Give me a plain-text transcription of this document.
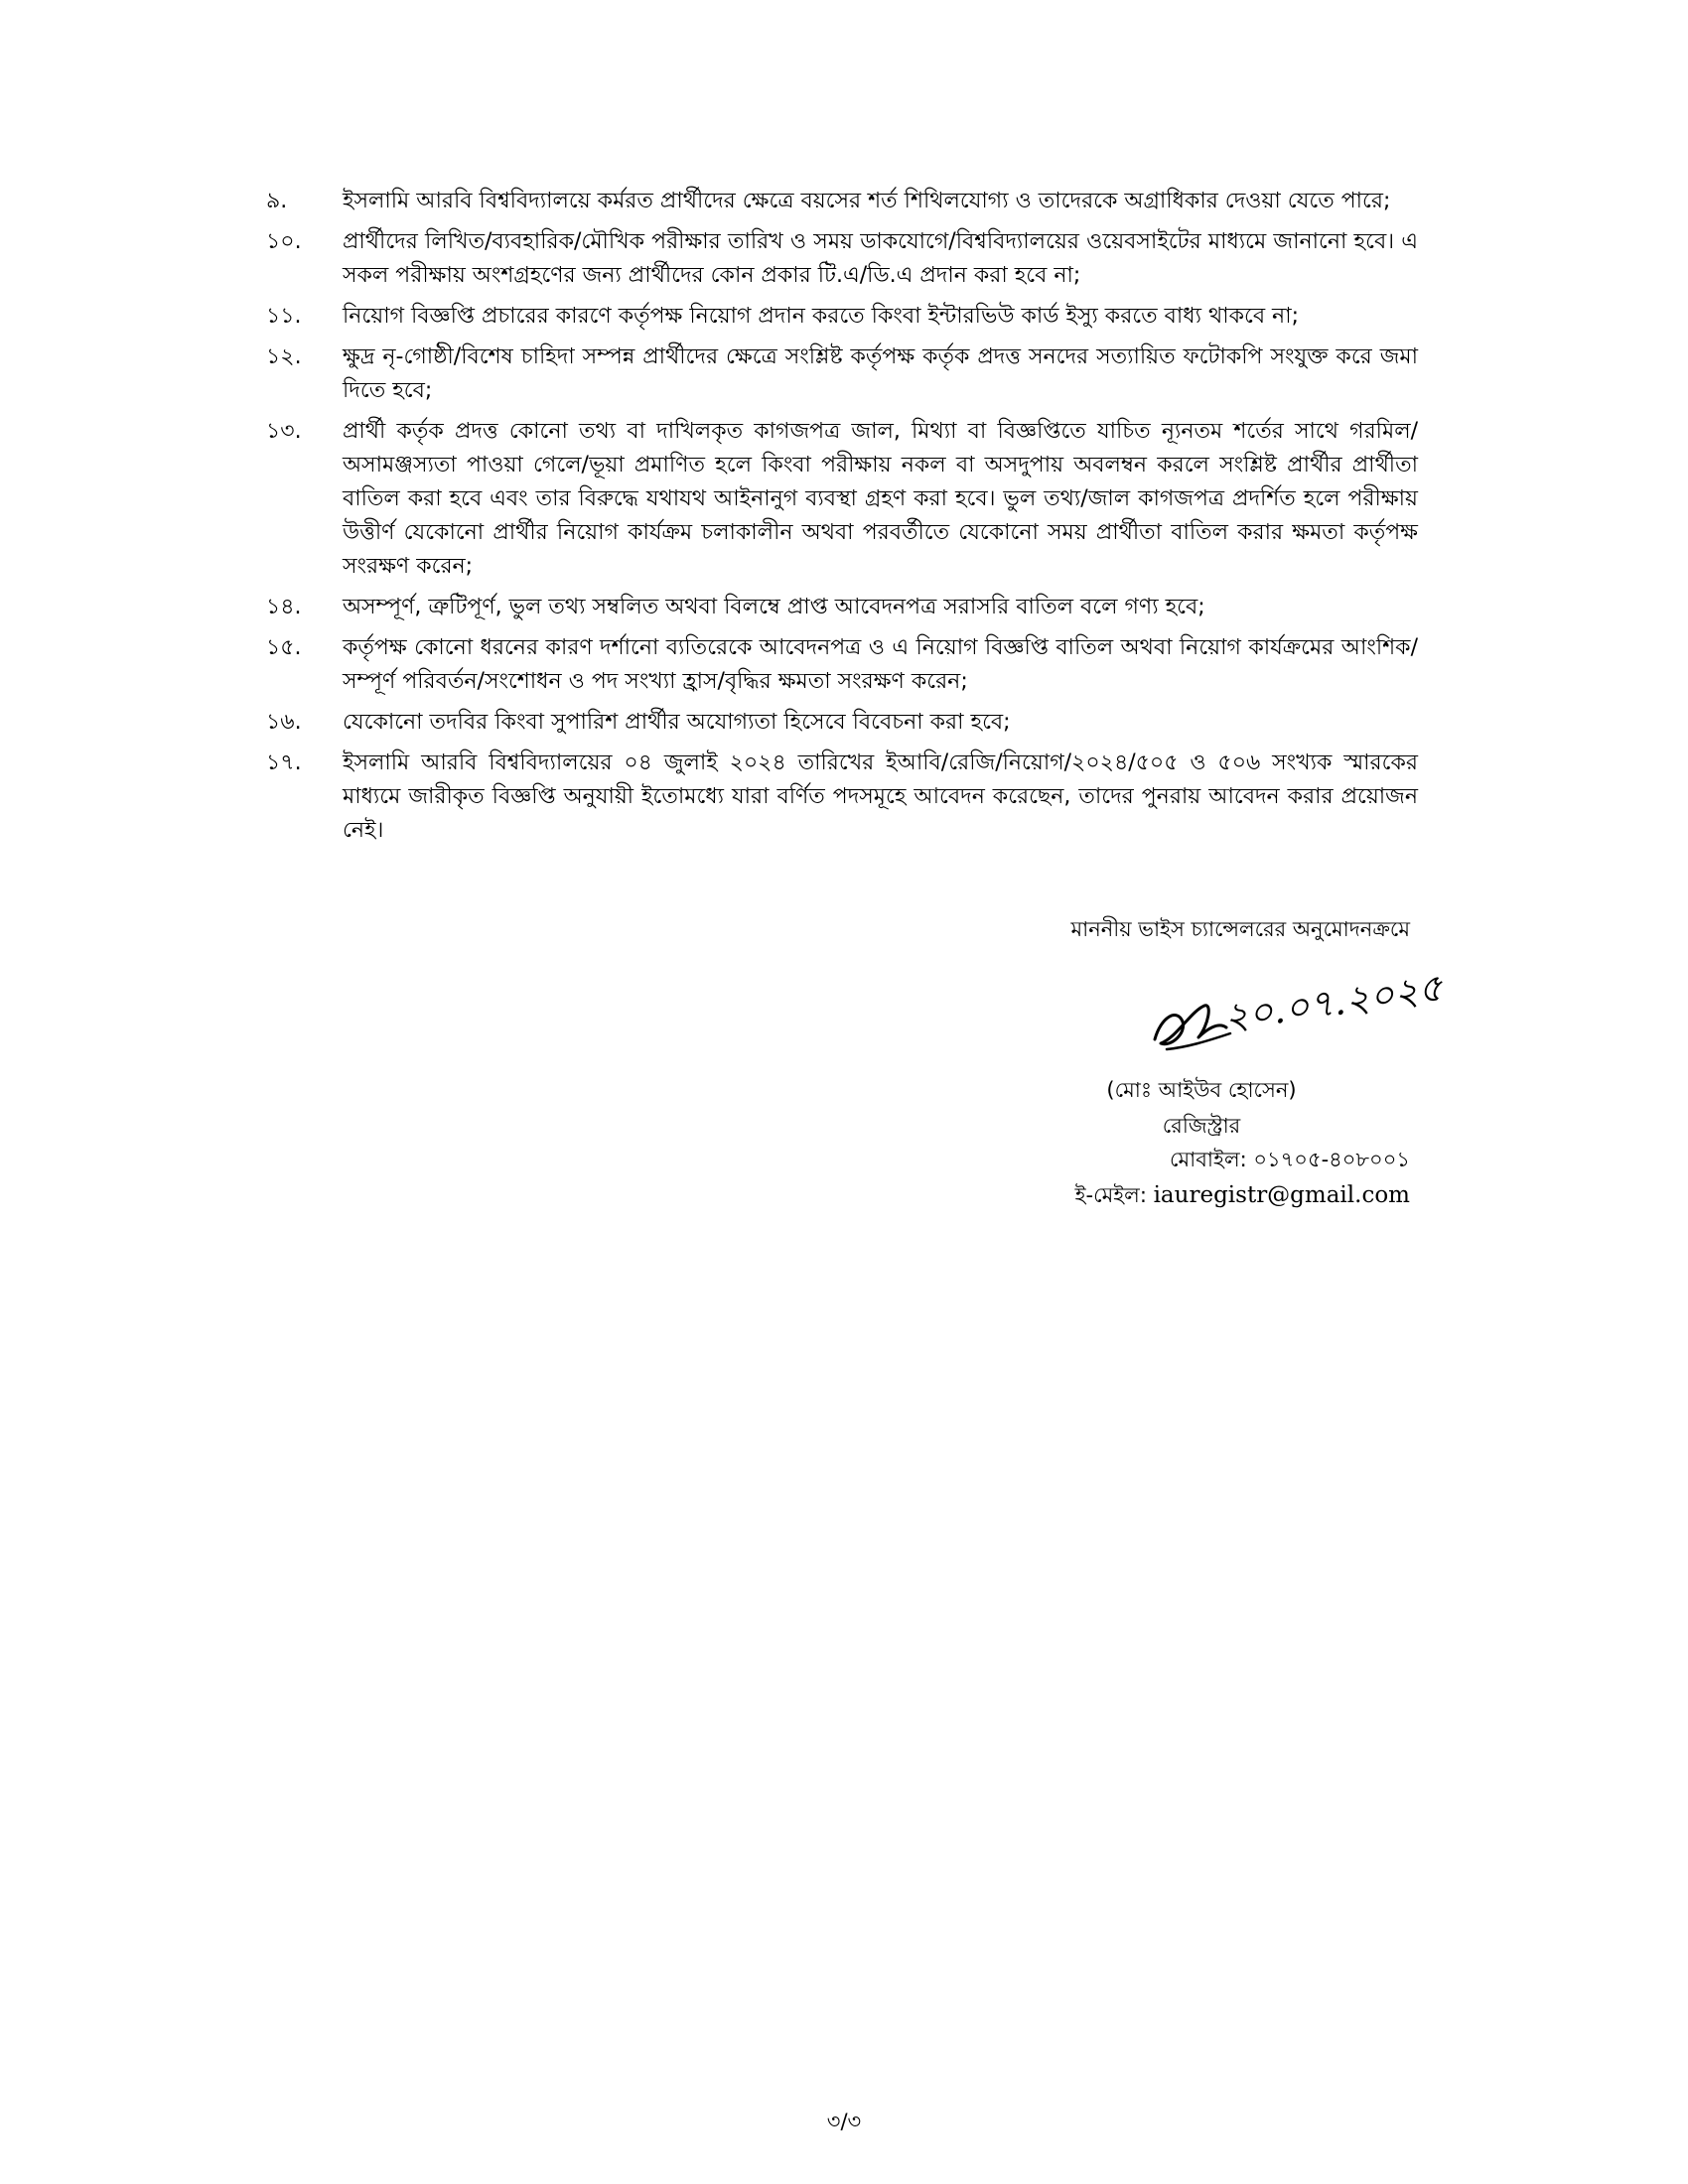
৯.	ইসলামি আরবি বিশ্ববিদ্যালয়ে কর্মরত প্রার্থীদের ক্ষেত্রে বয়সের শর্ত শিথিলযোগ্য ও তাদেরকে অগ্রাধিকার দেওয়া যেতে পারে;
১০.	প্রার্থীদের লিখিত/ব্যবহারিক/মৌখিক পরীক্ষার তারিখ ও সময় ডাকযোগে/বিশ্ববিদ্যালয়ের ওয়েবসাইটের মাধ্যমে জানানো হবে। এ সকল পরীক্ষায় অংশগ্রহণের জন্য প্রার্থীদের কোন প্রকার টি.এ/ডি.এ প্রদান করা হবে না;
১১.	নিয়োগ বিজ্ঞপ্তি প্রচারের কারণে কর্তৃপক্ষ নিয়োগ প্রদান করতে কিংবা ইন্টারভিউ কার্ড ইস্যু করতে বাধ্য থাকবে না;
১২.	ক্ষুদ্র নৃ-গোষ্ঠী/বিশেষ চাহিদা সম্পন্ন প্রার্থীদের ক্ষেত্রে সংশ্লিষ্ট কর্তৃপক্ষ কর্তৃক প্রদত্ত সনদের সত্যায়িত ফটোকপি সংযুক্ত করে জমা দিতে হবে;
১৩.	প্রার্থী কর্তৃক প্রদত্ত কোনো তথ্য বা দাখিলকৃত কাগজপত্র জাল, মিথ্যা বা বিজ্ঞপ্তিতে যাচিত ন্যূনতম শর্তের সাথে গরমিল/অসামঞ্জস্যতা পাওয়া গেলে/ভূয়া প্রমাণিত হলে কিংবা পরীক্ষায় নকল বা অসদুপায় অবলম্বন করলে সংশ্লিষ্ট প্রার্থীর প্রার্থীতা বাতিল করা হবে এবং তার বিরুদ্ধে যথাযথ আইনানুগ ব্যবস্থা গ্রহণ করা হবে। ভুল তথ্য/জাল কাগজপত্র প্রদর্শিত হলে পরীক্ষায় উত্তীর্ণ যেকোনো প্রার্থীর নিয়োগ কার্যক্রম চলাকালীন অথবা পরবর্তীতে যেকোনো সময় প্রার্থীতা বাতিল করার ক্ষমতা কর্তৃপক্ষ সংরক্ষণ করেন;
১৪.	অসম্পূর্ণ, ত্রুটিপূর্ণ, ভুল তথ্য সম্বলিত অথবা বিলম্বে প্রাপ্ত আবেদনপত্র সরাসরি বাতিল বলে গণ্য হবে;
১৫.	কর্তৃপক্ষ কোনো ধরনের কারণ দর্শানো ব্যতিরেকে আবেদনপত্র ও এ নিয়োগ বিজ্ঞপ্তি বাতিল অথবা নিয়োগ কার্যক্রমের আংশিক/সম্পূর্ণ পরিবর্তন/সংশোধন ও পদ সংখ্যা হ্রাস/বৃদ্ধির ক্ষমতা সংরক্ষণ করেন;
১৬.	যেকোনো তদবির কিংবা সুপারিশ প্রার্থীর অযোগ্যতা হিসেবে বিবেচনা করা হবে;
১৭.	ইসলামি আরবি বিশ্ববিদ্যালয়ের ০৪ জুলাই ২০২৪ তারিখের ইআবি/রেজি/নিয়োগ/২০২৪/৫০৫ ও ৫০৬ সংখ্যক স্মারকের মাধ্যমে জারীকৃত বিজ্ঞপ্তি অনুযায়ী ইতোমধ্যে যারা বর্ণিত পদসমূহে আবেদন করেছেন, তাদের পুনরায় আবেদন করার প্রয়োজন নেই।
মাননীয় ভাইস চ্যান্সেলরের অনুমোদনক্রমে
২০.০৭.২০২৫
(মোঃ আইউব হোসেন)
রেজিস্ট্রার
মোবাইল: ০১৭০৫-৪০৮০০১
ই-মেইল: iauregistr@gmail.com
৩/৩
